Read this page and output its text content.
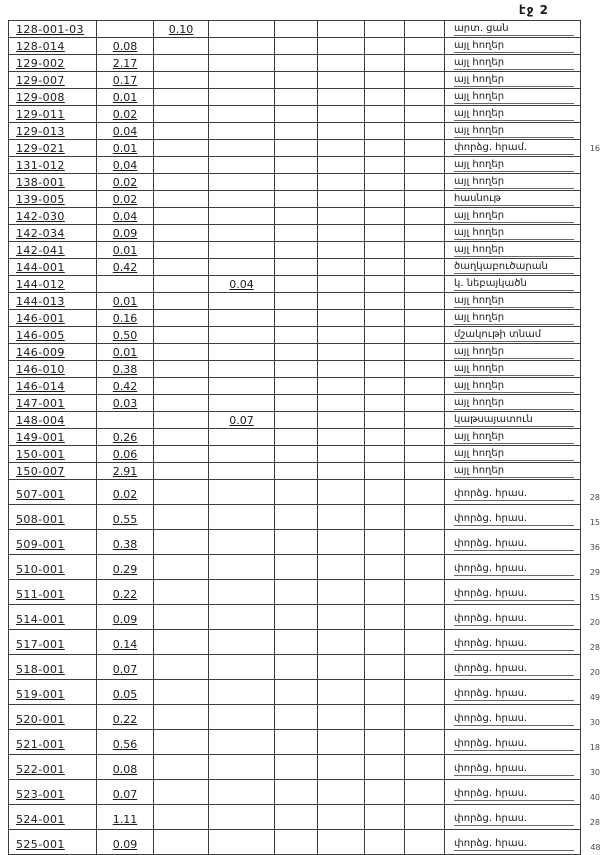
էջ 2
128-001-03		0.10						արտ. ցան	

128-014	0.08							այլ հողեր	

129-002	2.17							այլ հողեր	

129-007	0.17							այլ հողեր	

129-008	0.01							այլ հողեր	

129-011	0.02							այլ հողեր	

129-013	0.04							այլ հողեր	

129-021	0.01							փորձց. հրամ.	16
131-012	0.04							այլ հողեր	

138-001	0.02							այլ հողեր	

139-005	0.02							հասնութ	

142-030	0.04							այլ հողեր	

142-034	0.09							այլ հողեր	

142-041	0.01							այլ հողեր	

144-001	0.42							ծաղկաբուծարան	

144-012			0.04					կ. նեբայկածն	

144-013	0.01							այլ հողեր	

146-001	0.16							այլ հողեր	

146-005	0.50							մշակութի տնամ	

146-009	0.01							այլ հողեր	

146-010	0.38							այլ հողեր	

146-014	0.42							այլ հողեր	

147-001	0.03							այլ հողեր	

148-004			0.07					կաթսայատուն	

149-001	0.26							այլ հողեր	

150-001	0.06							այլ հողեր	

150-007	2.91							այլ հողեր	

507-001	0.02							փորձց. հրաս.	28
508-001	0.55							փորձց. հրաս.	15
509-001	0.38							փորձց. հրաս.	36
510-001	0.29							փորձց. հրաս.	29
511-001	0.22							փորձց. հրաս.	15
514-001	0.09							փորձց. հրաս.	20
517-001	0.14							փորձց. հրաս.	28
518-001	0.07							փորձց. հրաս.	20
519-001	0.05							փորձց. հրաս.	49
520-001	0.22							փորձց. հրաս.	30
521-001	0.56							փորձց. հրաս.	18
522-001	0.08							փորձց. հրաս.	30
523-001	0.07							փորձց. հրաս.	40
524-001	1.11							փորձց. հրաս.	28
525-001	0.09							փորձց. հրաս.	48
